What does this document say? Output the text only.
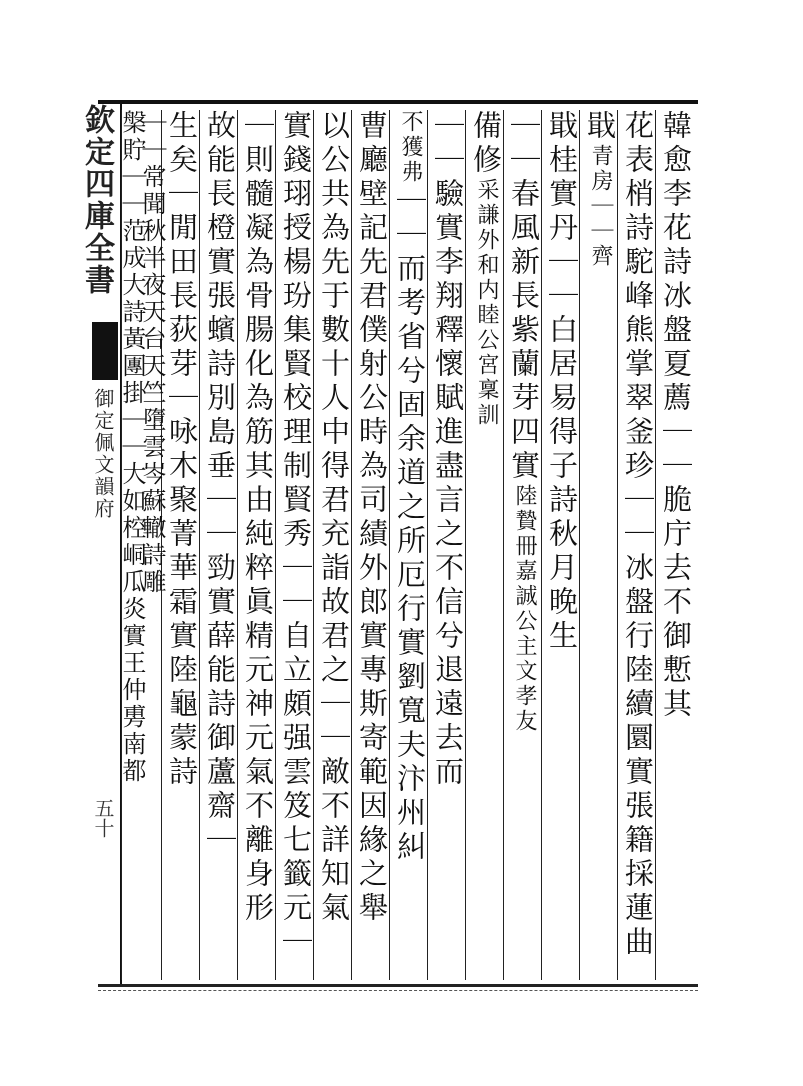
欽定四庫全書
御定佩文韻府
五十
韓愈李花詩冰盤夏薦｜｜脆庁去不御慙其
花表梢詩駝峰熊掌翠釜珍｜｜冰盤行陸續圜實張籍採蓮曲
戢青房｜｜齊
戢桂實丹｜｜白居易得子詩秋月晚生
｜｜春風新長紫蘭芽四實陸贄冊嘉誠公主文孝友
備修采謙外和内睦公宮稟訓
｜｜驗實李翔釋懷賦進盡言之不信兮退遠去而
不獲弗｜｜而考省兮固余道之所厄行實劉寬夫汴州糾
曹廳壁記先君僕射公時為司績外郎實專斯寄範因緣之舉
以公共為先于數十人中得君充詣故君之｜｜敵不詳知氣
實錢珝授楊玢集賢校理制賢秀｜｜自立頗强雲笈七籤元｜
｜則髓凝為骨腸化為筋其由純粹眞精元神元氣不離身形
故能長橙實張蠙詩別島垂｜｜勁實薛能詩御蘆齋｜
生矣｜閒田長荻芽｜咏木聚菁華霜實陸龜蒙詩
｜｜常聞秋半夜天台天竺墮雲岑蘇轍詩雕
槃貯｜｜范成大詩黃團掛｜｜大如椌峒瓜炎實王仲旉南都
